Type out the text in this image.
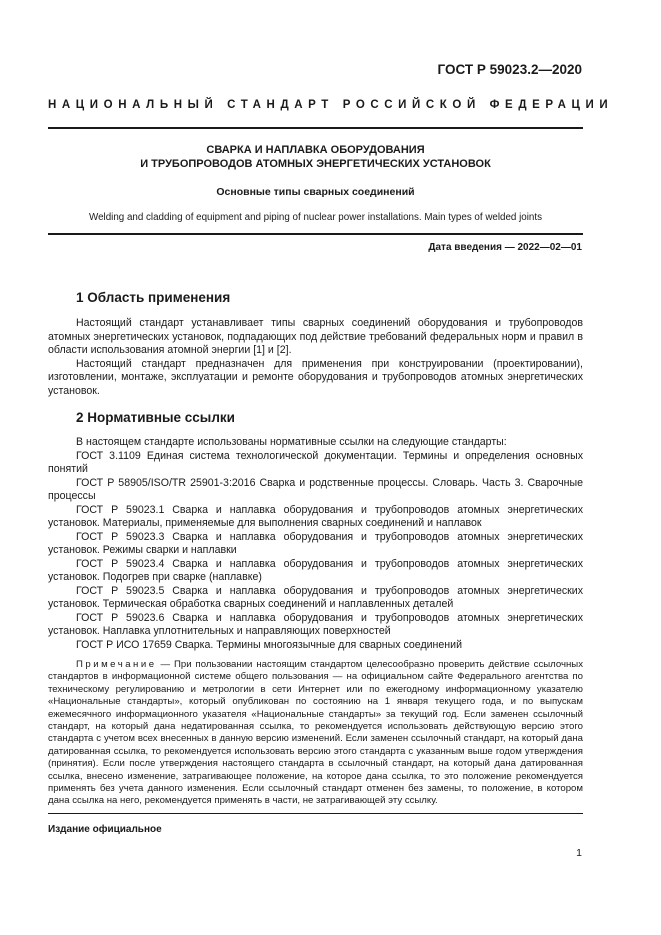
ГОСТ Р 59023.2—2020
НАЦИОНАЛЬНЫЙ СТАНДАРТ РОССИЙСКОЙ ФЕДЕРАЦИИ
СВАРКА И НАПЛАВКА ОБОРУДОВАНИЯ
И ТРУБОПРОВОДОВ АТОМНЫХ ЭНЕРГЕТИЧЕСКИХ УСТАНОВОК
Основные типы сварных соединений
Welding and cladding of equipment and piping of nuclear power installations. Main types of welded joints
Дата введения — 2022—02—01
1 Область применения

Настоящий стандарт устанавливает типы сварных соединений оборудования и трубопроводов атомных энергетических установок, подпадающих под действие требований федеральных норм и правил в области использования атомной энергии [1] и [2].

Настоящий стандарт предназначен для применения при конструировании (проектировании), изготовлении, монтаже, эксплуатации и ремонте оборудования и трубопроводов атомных энергетических установок.

2 Нормативные ссылки

В настоящем стандарте использованы нормативные ссылки на следующие стандарты:

ГОСТ 3.1109 Единая система технологической документации. Термины и определения основных понятий

ГОСТ Р 58905/ISO/TR 25901-3:2016 Сварка и родственные процессы. Словарь. Часть 3. Сварочные процессы

ГОСТ Р 59023.1 Сварка и наплавка оборудования и трубопроводов атомных энергетических установок. Материалы, применяемые для выполнения сварных соединений и наплавок

ГОСТ Р 59023.3 Сварка и наплавка оборудования и трубопроводов атомных энергетических установок. Режимы сварки и наплавки

ГОСТ Р 59023.4 Сварка и наплавка оборудования и трубопроводов атомных энергетических установок. Подогрев при сварке (наплавке)

ГОСТ Р 59023.5 Сварка и наплавка оборудования и трубопроводов атомных энергетических установок. Термическая обработка сварных соединений и наплавленных деталей

ГОСТ Р 59023.6 Сварка и наплавка оборудования и трубопроводов атомных энергетических установок. Наплавка уплотнительных и направляющих поверхностей

ГОСТ Р ИСО 17659 Сварка. Термины многоязычные для сварных соединений

Примечание — При пользовании настоящим стандартом целесообразно проверить действие ссылочных стандартов в информационной системе общего пользования — на официальном сайте Федерального агентства по техническому регулированию и метрологии в сети Интернет или по ежегодному информационному указателю «Национальные стандарты», который опубликован по состоянию на 1 января текущего года, и по выпускам ежемесячного информационного указателя «Национальные стандарты» за текущий год. Если заменен ссылочный стандарт, на который дана недатированная ссылка, то рекомендуется использовать действующую версию этого стандарта с учетом всех внесенных в данную версию изменений. Если заменен ссылочный стандарт, на который дана датированная ссылка, то рекомендуется использовать версию этого стандарта с указанным выше годом утверждения (принятия). Если после утверждения настоящего стандарта в ссылочный стандарт, на который дана датированная ссылка, внесено изменение, затрагивающее положение, на которое дана ссылка, то это положение рекомендуется применять без учета данного изменения. Если ссылочный стандарт отменен без замены, то положение, в котором дана ссылка на него, рекомендуется применять в части, не затрагивающей эту ссылку.
Издание официальное
1
